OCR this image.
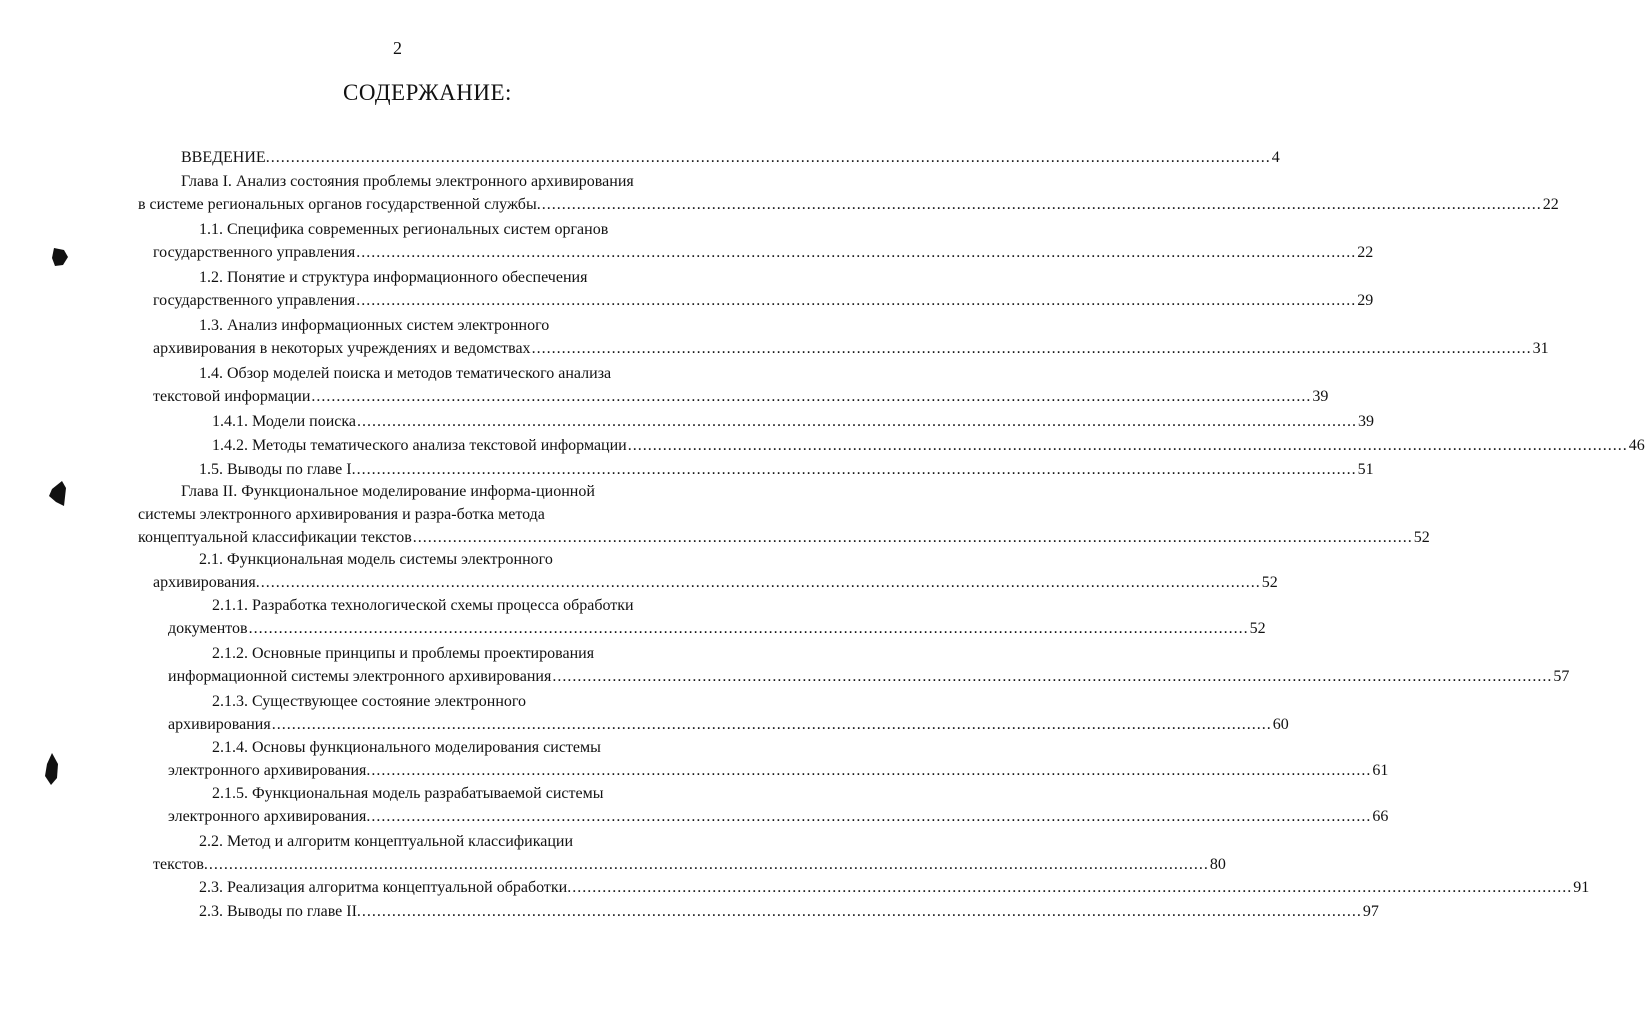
2
СОДЕРЖАНИЕ:
ВВЕДЕНИЕ. ........................................................................................................................................................................................................ 4
Глава I. Анализ состояния проблемы электронного архивирования
в системе региональных органов государственной службы. ........................................................................................................................................................................................................ 22
1.1. Специфика современных региональных систем органов
государственного управления ........................................................................................................................................................................................................ 22
1.2. Понятие и структура информационного обеспечения
государственного управления ........................................................................................................................................................................................................ 29
1.3. Анализ информационных систем электронного
архивирования в некоторых учреждениях и ведомствах ........................................................................................................................................................................................................ 31
1.4. Обзор моделей поиска и методов тематического анализа
текстовой информации ........................................................................................................................................................................................................ 39
1.4.1. Модели поиска ........................................................................................................................................................................................................ 39
1.4.2. Методы тематического анализа текстовой информации ........................................................................................................................................................................................................ 46
1.5. Выводы по главе I. ........................................................................................................................................................................................................ 51
Глава II. Функциональное моделирование информа-ционной
системы электронного архивирования и разра-ботка метода
концептуальной классификации текстов ........................................................................................................................................................................................................ 52
2.1. Функциональная модель системы электронного
архивирования. ........................................................................................................................................................................................................ 52
2.1.1. Разработка технологической схемы процесса обработки
документов ........................................................................................................................................................................................................ 52
2.1.2. Основные принципы и проблемы проектирования
информационной системы электронного архивирования ........................................................................................................................................................................................................ 57
2.1.3. Существующее состояние электронного
архивирования ........................................................................................................................................................................................................ 60
2.1.4. Основы функционального моделирования системы
электронного архивирования. ........................................................................................................................................................................................................ 61
2.1.5. Функциональная модель разрабатываемой системы
электронного архивирования. ........................................................................................................................................................................................................ 66
2.2. Метод и алгоритм концептуальной классификации
текстов. ........................................................................................................................................................................................................ 80
2.3. Реализация алгоритма концептуальной обработки. ........................................................................................................................................................................................................ 91
2.3. Выводы по главе II. ........................................................................................................................................................................................................ 97
